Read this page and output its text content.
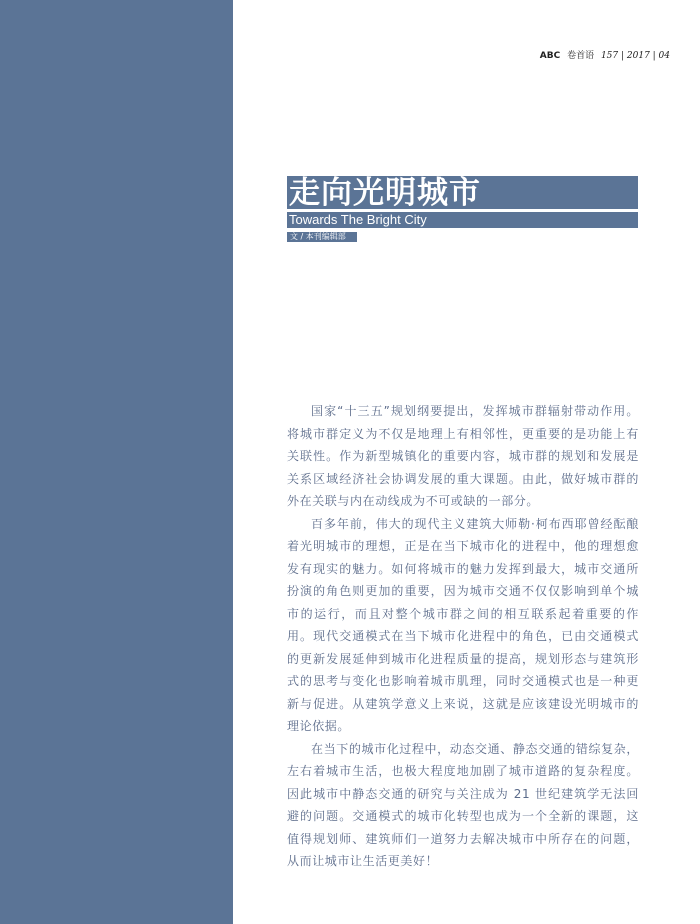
ABC 卷首语 157 | 2017 | 04
走向光明城市
Towards The Bright City
文 / 本刊编辑部

国家“十三五”规划纲要提出，发挥城市群辐射带动作用。将城市群定义为不仅是地理上有相邻性，更重要的是功能上有关联性。作为新型城镇化的重要内容，城市群的规划和发展是关系区域经济社会协调发展的重大课题。由此，做好城市群的外在关联与内在动线成为不可或缺的一部分。

百多年前，伟大的现代主义建筑大师勒·柯布西耶曾经酝酿着光明城市的理想，正是在当下城市化的进程中，他的理想愈发有现实的魅力。如何将城市的魅力发挥到最大，城市交通所扮演的角色则更加的重要，因为城市交通不仅仅影响到单个城市的运行，而且对整个城市群之间的相互联系起着重要的作用。现代交通模式在当下城市化进程中的角色，已由交通模式的更新发展延伸到城市化进程质量的提高，规划形态与建筑形式的思考与变化也影响着城市肌理，同时交通模式也是一种更新与促进。从建筑学意义上来说，这就是应该建设光明城市的理论依据。

在当下的城市化过程中，动态交通、静态交通的错综复杂，左右着城市生活，也极大程度地加剧了城市道路的复杂程度。因此城市中静态交通的研究与关注成为 21 世纪建筑学无法回避的问题。交通模式的城市化转型也成为一个全新的课题，这值得规划师、建筑师们一道努力去解决城市中所存在的问题，从而让城市让生活更美好！
